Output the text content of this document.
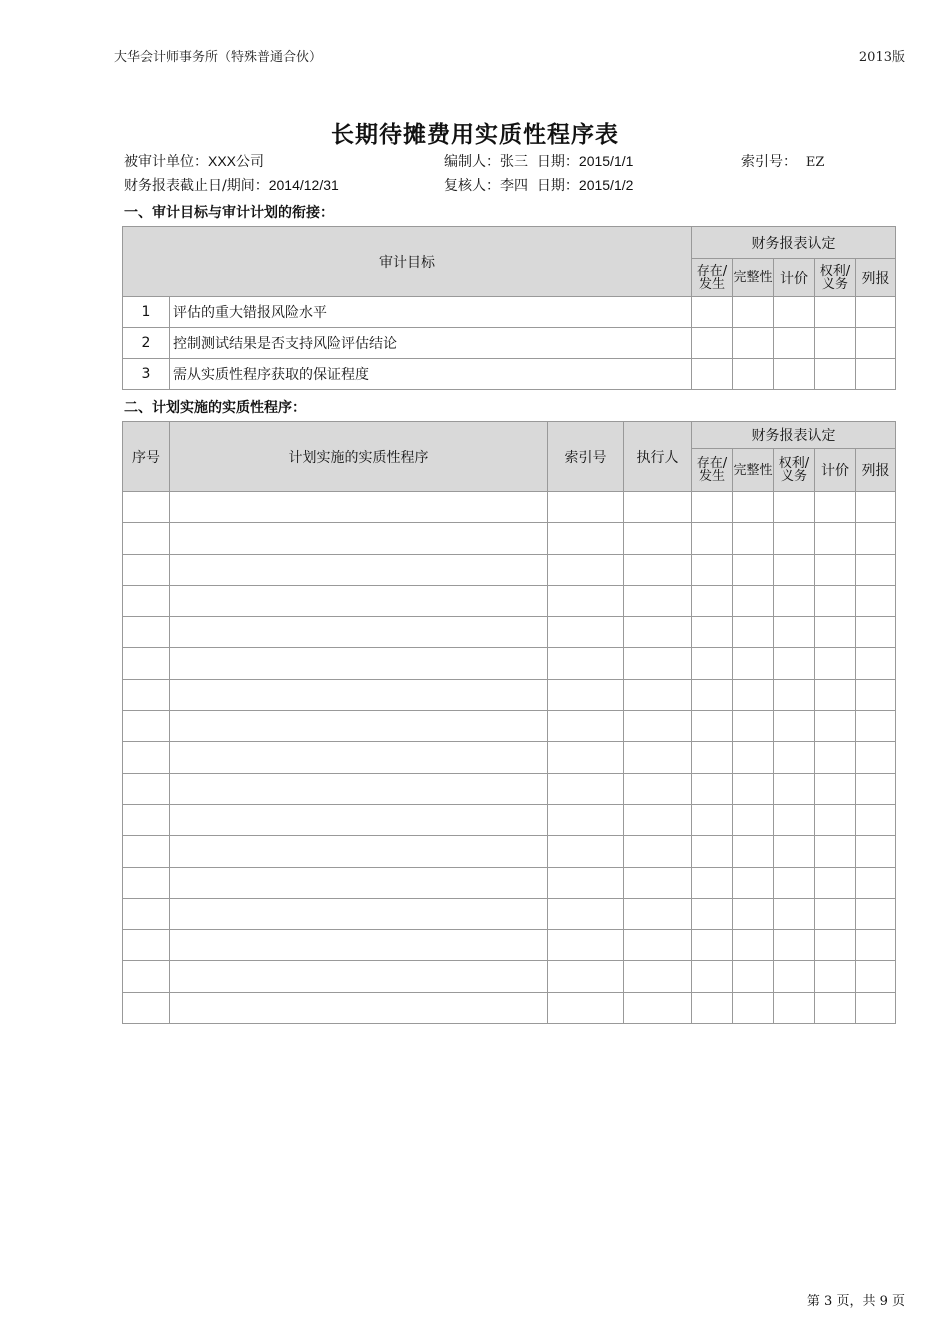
大华会计师事务所（特殊普通合伙）	2013版
长期待摊费用实质性程序表
被审计单位：XXX公司	编制人：张三 日期：2015/1/1	索引号： EZ
财务报表截止日/期间：2014/12/31	复核人：李四 日期：2015/1/2
一、审计目标与审计计划的衔接：
审计目标		财务报表认定				
		存在/发生	完整性	计价	权利/义务	列报
1	评估的重大错报风险水平					
2	控制测试结果是否支持风险评估结论					
3	需从实质性程序获取的保证程度					
二、计划实施的实质性程序：
序号	计划实施的实质性程序	索引号	执行人	财务报表认定				
				存在/发生	完整性	权利/义务	计价	列报

第 3 页，共 9 页
